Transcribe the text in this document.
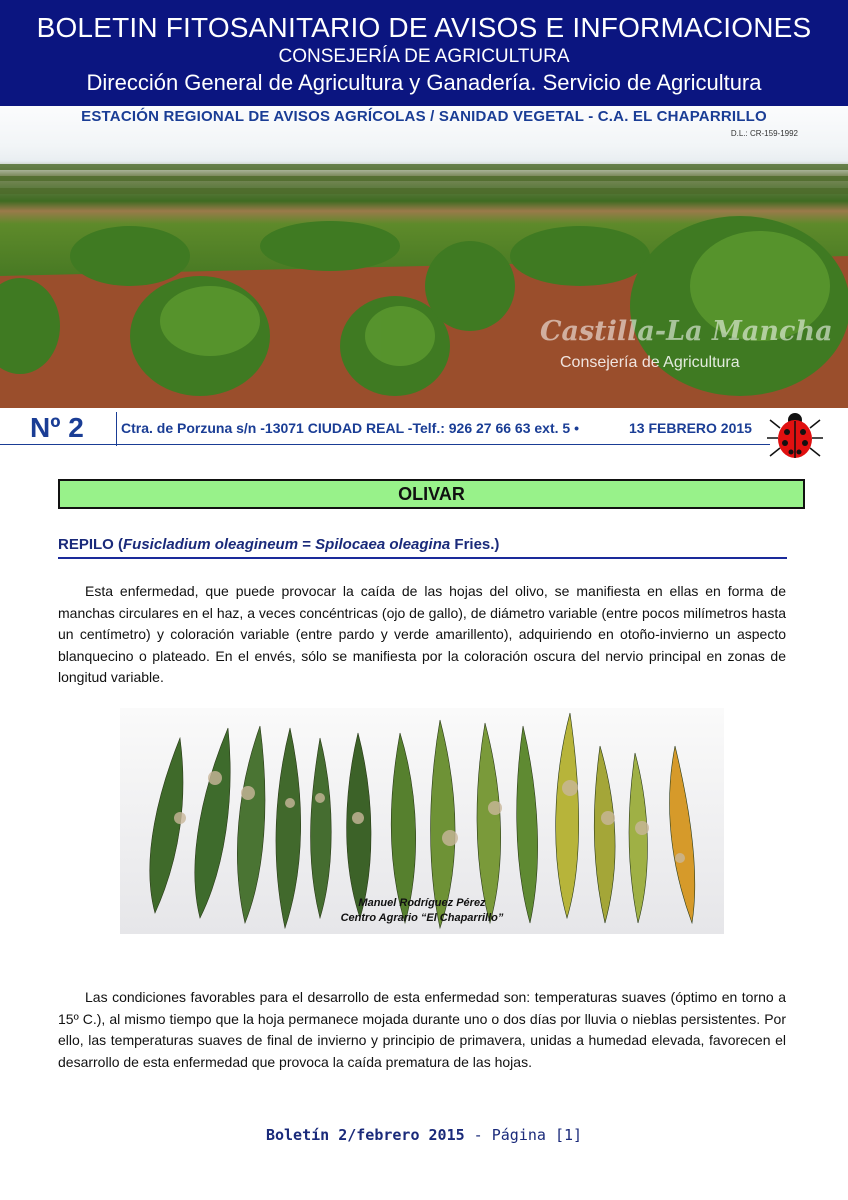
BOLETIN FITOSANITARIO DE AVISOS E INFORMACIONES
CONSEJERÍA DE AGRICULTURA
Dirección General de Agricultura y Ganadería. Servicio de Agricultura
ESTACIÓN REGIONAL DE AVISOS AGRÍCOLAS / SANIDAD VEGETAL - C.A. EL CHAPARRILLO
D.L.: CR-159-1992
Castilla-La Mancha
Consejería de Agricultura
Nº 2	Ctra. de Porzuna s/n -13071 CIUDAD REAL -Telf.: 926 27 66 63 ext. 5 •	13 FEBRERO 2015
OLIVAR
REPILO (Fusicladium oleagineum = Spilocaea oleagina Fries.)
Esta enfermedad, que puede provocar la caída de las hojas del olivo, se manifiesta en ellas en forma de manchas circulares en el haz, a veces concéntricas (ojo de gallo), de diámetro variable (entre pocos milímetros hasta un centímetro) y coloración variable (entre pardo y verde amarillento), adquiriendo en otoño-invierno un aspecto blanquecino o plateado. En el envés, sólo se manifiesta por la coloración oscura del nervio principal en zonas de longitud variable.
Manuel Rodríguez Pérez
Centro Agrario “El Chaparrillo”
Las condiciones favorables para el desarrollo de esta enfermedad son: temperaturas suaves (óptimo en torno a 15º C.), al mismo tiempo que la hoja permanece mojada durante uno o dos días por lluvia o nieblas persistentes. Por ello, las temperaturas suaves de final de invierno y principio de primavera, unidas a humedad elevada, favorecen el desarrollo de esta enfermedad que provoca la caída prematura de las hojas.
Boletín 2/febrero 2015 - Página [1]
